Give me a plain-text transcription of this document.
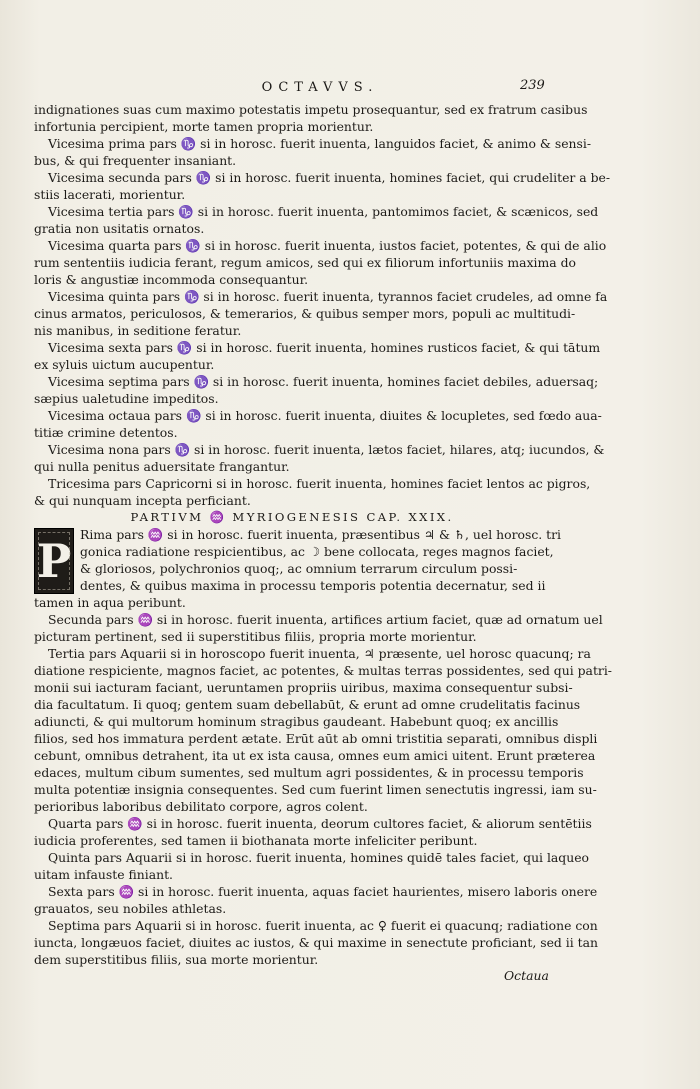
OCTAVVS.	239
indignationes suas cum maximo potestatis impetu prosequantur, sed ex fratrum casibus
infortunia percipient, morte tamen propria morientur.
Vicesima prima pars ♑ si in horosc. fuerit inuenta, languidos faciet, & animo & sensi-
bus, & qui frequenter insaniant.
Vicesima secunda pars ♑ si in horosc. fuerit inuenta, homines faciet, qui crudeliter a be-
stiis lacerati, morientur.
Vicesima tertia pars ♑ si in horosc. fuerit inuenta, pantomimos faciet, & scænicos, sed
gratia non usitatis ornatos.
Vicesima quarta pars ♑ si in horosc. fuerit inuenta, iustos faciet, potentes, & qui de alio
rum sententiis iudicia ferant, regum amicos, sed qui ex filiorum infortuniis maxima do
loris & angustiæ incommoda consequantur.
Vicesima quinta pars ♑ si in horosc. fuerit inuenta, tyrannos faciet crudeles, ad omne fa
cinus armatos, periculosos, & temerarios, & quibus semper mors, populi ac multitudi-
nis manibus, in seditione feratur.
Vicesima sexta pars ♑ si in horosc. fuerit inuenta, homines rusticos faciet, & qui tātum
ex syluis uictum aucupentur.
Vicesima septima pars ♑ si in horosc. fuerit inuenta, homines faciet debiles, aduersaq;
sæpius ualetudine impeditos.
Vicesima octaua pars ♑ si in horosc. fuerit inuenta, diuites & locupletes, sed fœdo aua-
titiæ crimine detentos.
Vicesima nona pars ♑ si in horosc. fuerit inuenta, lætos faciet, hilares, atq; iucundos, &
qui nulla penitus aduersitate frangantur.
Tricesima pars Capricorni si in horosc. fuerit inuenta, homines faciet lentos ac pigros,
& qui nunquam incepta perficiant.
PARTIVM ♒ MYRIOGENESIS CAP. XXIX.
P Rima pars ♒ si in horosc. fuerit inuenta, præsentibus ♃ & ♄, uel horosc. tri
gonica radiatione respicientibus, ac ☽ bene collocata, reges magnos faciet,
& gloriosos, polychronios quoq;, ac omnium terrarum circulum possi-
dentes, & quibus maxima in processu temporis potentia decernatur, sed ii
tamen in aqua peribunt.
Secunda pars ♒ si in horosc. fuerit inuenta, artifices artium faciet, quæ ad ornatum uel
picturam pertinent, sed ii superstitibus filiis, propria morte morientur.
Tertia pars Aquarii si in horoscopo fuerit inuenta, ♃ præsente, uel horosc quacunq; ra
diatione respiciente, magnos faciet, ac potentes, & multas terras possidentes, sed qui patri-
monii sui iacturam faciant, ueruntamen propriis uiribus, maxima consequentur subsi-
dia facultatum. Ii quoq; gentem suam debellabūt, & erunt ad omne crudelitatis facinus
adiuncti, & qui multorum hominum stragibus gaudeant. Habebunt quoq; ex ancillis
filios, sed hos immatura perdent ætate. Erūt aūt ab omni tristitia separati, omnibus displi
cebunt, omnibus detrahent, ita ut ex ista causa, omnes eum amici uitent. Erunt præterea
edaces, multum cibum sumentes, sed multum agri possidentes, & in processu temporis
multa potentiæ insignia consequentes. Sed cum fuerint limen senectutis ingressi, iam su-
perioribus laboribus debilitato corpore, agros colent.
Quarta pars ♒ si in horosc. fuerit inuenta, deorum cultores faciet, & aliorum sentētiis
iudicia proferentes, sed tamen ii biothanata morte infeliciter peribunt.
Quinta pars Aquarii si in horosc. fuerit inuenta, homines quidē tales faciet, qui laqueo
uitam infauste finiant.
Sexta pars ♒ si in horosc. fuerit inuenta, aquas faciet haurientes, misero laboris onere
grauatos, seu nobiles athletas.
Septima pars Aquarii si in horosc. fuerit inuenta, ac ♀ fuerit ei quacunq; radiatione con
iuncta, longæuos faciet, diuites ac iustos, & qui maxime in senectute proficiant, sed ii tan
dem superstitibus filiis, sua morte morientur.
Octaua
